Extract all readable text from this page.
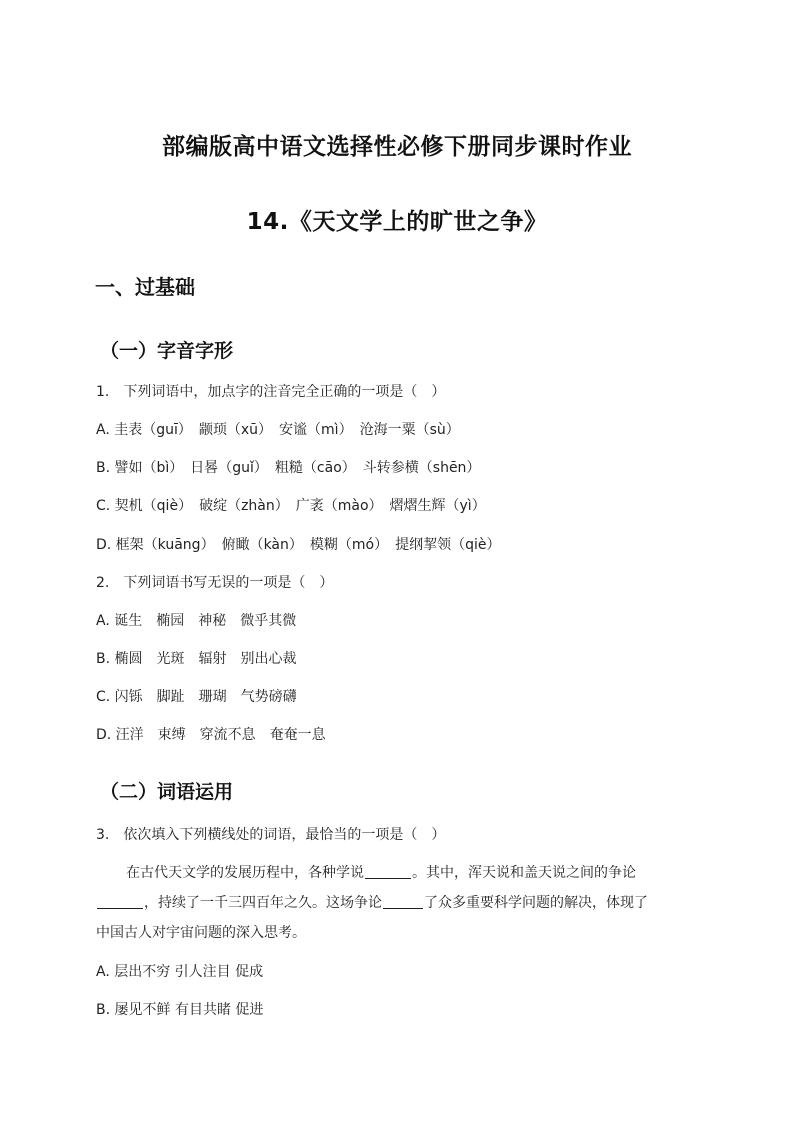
部编版高中语文选择性必修下册同步课时作业
14.《天文学上的旷世之争》
一、过基础
（一）字音字形
1.　下列词语中，加点字的注音完全正确的一项是（　）
A. 圭表（guī）　颛顼（xū）　安谧（mì）　沧海一粟（sù）
B. 譬如（bì）　日晷（guǐ）　粗糙（cāo）　斗转参横（shēn）
C. 契机（qiè）　破绽（zhàn）　广袤（mào）　熠熠生辉（yì）
D. 框架（kuāng）　俯瞰（kàn）　模糊（mó）　提纲挈领（qiè）
2.　下列词语书写无误的一项是（　）
A. 诞生　椭园　神秘　微乎其微
B. 椭圆　光斑　辐射　别出心裁
C. 闪铄　脚趾　珊瑚　气势磅礴
D. 汪洋　束缚　穿流不息　奄奄一息
（二）词语运用
3.　依次填入下列横线处的词语，最恰当的一项是（　）
在古代天文学的发展历程中，各种学说	。其中，浑天说和盖天说之间的争论
，持续了一千三四百年之久。这场争论	了众多重要科学问题的解决，体现了
中国古人对宇宙问题的深入思考。
A. 层出不穷 引人注目 促成
B. 屡见不鲜 有目共睹 促进
